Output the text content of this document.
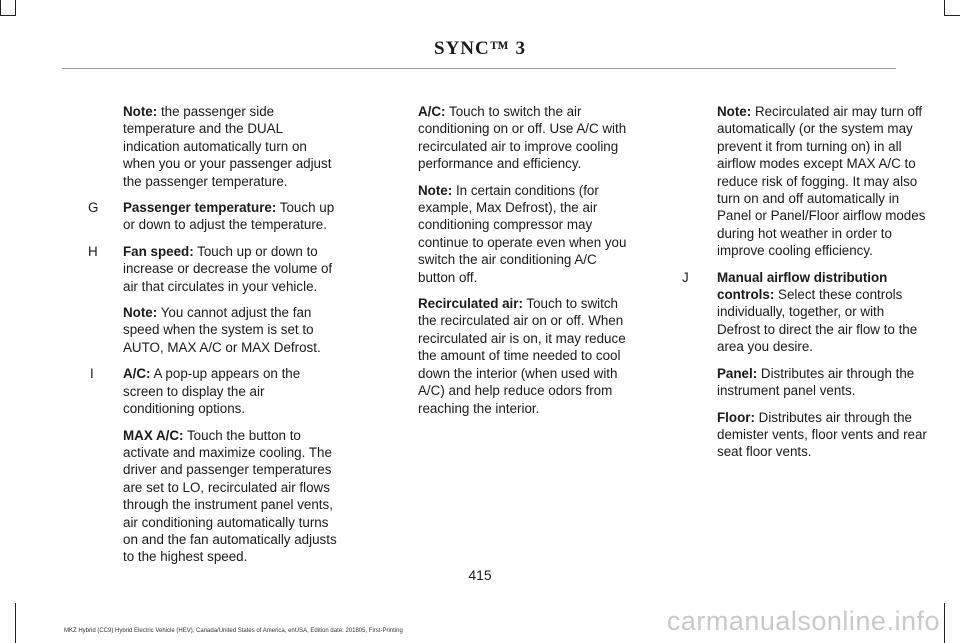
SYNC™ 3
Note: the passenger side temperature and the DUAL indication automatically turn on when you or your passenger adjust the passenger temperature.
G	Passenger temperature: Touch up or down to adjust the temperature.
H	Fan speed: Touch up or down to increase or decrease the volume of air that circulates in your vehicle.
Note: You cannot adjust the fan speed when the system is set to AUTO, MAX A/C or MAX Defrost.
I	A/C: A pop-up appears on the screen to display the air conditioning options.
MAX A/C: Touch the button to activate and maximize cooling. The driver and passenger temperatures are set to LO, recirculated air flows through the instrument panel vents, air conditioning automatically turns on and the fan automatically adjusts to the highest speed.

A/C: Touch to switch the air conditioning on or off. Use A/C with recirculated air to improve cooling performance and efficiency.

Note: In certain conditions (for example, Max Defrost), the air conditioning compressor may continue to operate even when you switch the air conditioning A/C button off.

Recirculated air: Touch to switch the recirculated air on or off. When recirculated air is on, it may reduce the amount of time needed to cool down the interior (when used with A/C) and help reduce odors from reaching the interior.

Note: Recirculated air may turn off automatically (or the system may prevent it from turning on) in all airflow modes except MAX A/C to reduce risk of fogging. It may also turn on and off automatically in Panel or Panel/Floor airflow modes during hot weather in order to improve cooling efficiency.
J	Manual airflow distribution controls: Select these controls individually, together, or with Defrost to direct the air flow to the area you desire.
Panel: Distributes air through the instrument panel vents.
Floor: Distributes air through the demister vents, floor vents and rear seat floor vents.
415
MKZ Hybrid (CC9) Hybrid Electric Vehicle (HEV), Canada/United States of America, enUSA, Edition date: 201805, First-Printing	carmanualsonline.info
